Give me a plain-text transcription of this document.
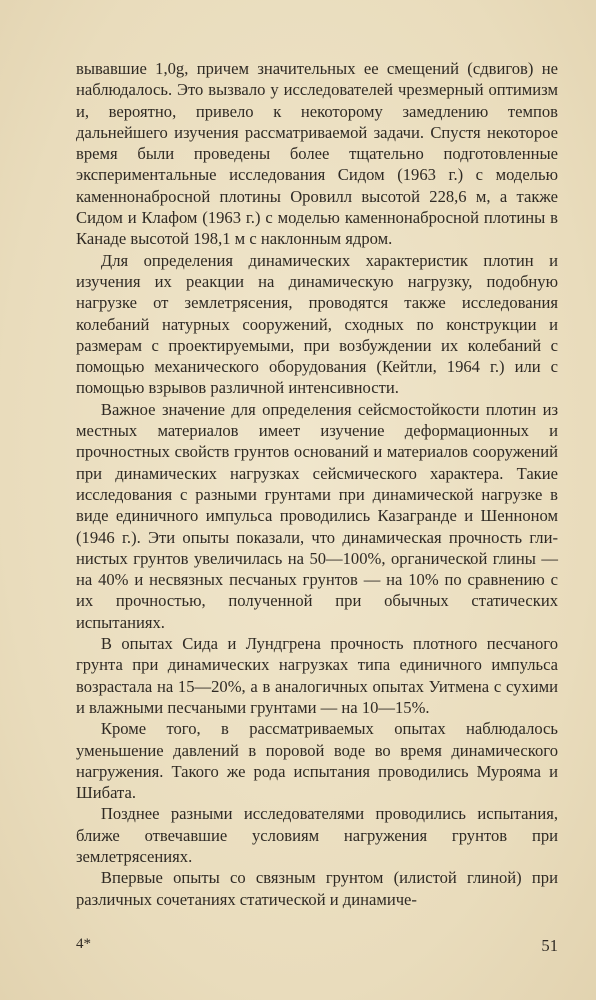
вывавшие 1,0g, причем значительных ее смещений (сдвигов) не наблюдалось. Это вызвало у исследователей чрезмерный оптимизм и, вероятно, привело к некоторому замедлению темпов дальнейшего изучения рассматриваемой задачи. Спустя некоторое время были проведены более тщательно подготовленные экспериментальные исследования Сидом (1963 г.) с моделью каменнонабросной плотины Оровилл высотой 228,6 м, а также Сидом и Клафом (1963 г.) с моделью каменнонабросной плотины в Канаде высотой 198,1 м с наклонным ядром.

Для определения динамических характеристик плотин и изучения их реакции на динамическую нагрузку, подобную нагрузке от землетрясения, проводятся также исследования колебаний натурных сооружений, сходных по конструкции и размерам с проектируемыми, при возбуждении их колебаний с помощью механического оборудования (Кейтли, 1964 г.) или с помощью взрывов различной интенсивности.

Важное значение для определения сейсмостойкости плотин из местных материалов имеет изучение деформационных и прочностных свойств грунтов оснований и материалов сооружений при динамических нагрузках сейсмического характера. Такие исследования с разными грунтами при динамической нагрузке в виде единичного импульса проводились Казагранде и Шенноном (1946 г.). Эти опыты показали, что динамическая прочность глинистых грунтов увеличилась на 50—100%, органической глины — на 40% и несвязных песчаных грунтов — на 10% по сравнению с их прочностью, полученной при обычных статических испытаниях.

В опытах Сида и Лундгрена прочность плотного песчаного грунта при динамических нагрузках типа единичного импульса возрастала на 15—20%, а в аналогичных опытах Уитмена с сухими и влажными песчаными грунтами — на 10—15%.

Кроме того, в рассматриваемых опытах наблюдалось уменьшение давлений в поровой воде во время динамического нагружения. Такого же рода испытания проводились Муроямa и Шибата.

Позднее разными исследователями проводились испытания, ближе отвечавшие условиям нагружения грунтов при землетрясениях.

Впервые опыты со связным грунтом (илистой глиной) при различных сочетаниях статической и динамиче-

4*	51
